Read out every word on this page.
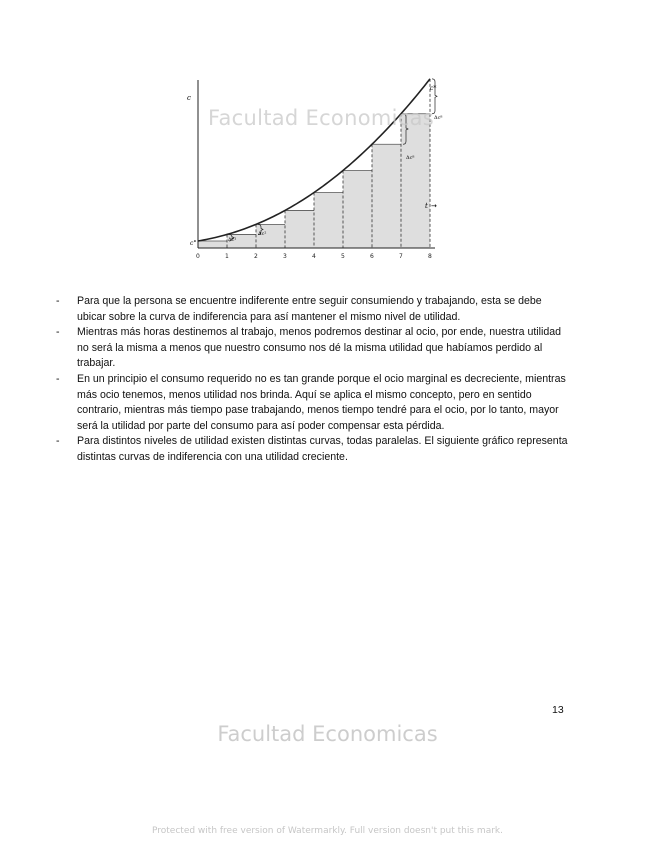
0	1	2	3	4	5	6	7	8
c
t →
c°
c*
Δc¹
Δc²
Δc⁸
Δc⁸
Facultad Economicas
- Para que la persona se encuentre indiferente entre seguir consumiendo y trabajando, esta se debe ubicar sobre la curva de indiferencia para así mantener el mismo nivel de utilidad.
- Mientras más horas destinemos al trabajo, menos podremos destinar al ocio, por ende, nuestra utilidad no será la misma a menos que nuestro consumo nos dé la misma utilidad que habíamos perdido al trabajar.
- En un principio el consumo requerido no es tan grande porque el ocio marginal es decreciente, mientras más ocio tenemos, menos utilidad nos brinda. Aquí se aplica el mismo concepto, pero en sentido contrario, mientras más tiempo pase trabajando, menos tiempo tendré para el ocio, por lo tanto, mayor será la utilidad por parte del consumo para así poder compensar esta pérdida.
- Para distintos niveles de utilidad existen distintas curvas, todas paralelas. El siguiente gráfico representa distintas curvas de indiferencia con una utilidad creciente.
13
Facultad Economicas
Protected with free version of Watermarkly. Full version doesn't put this mark.
